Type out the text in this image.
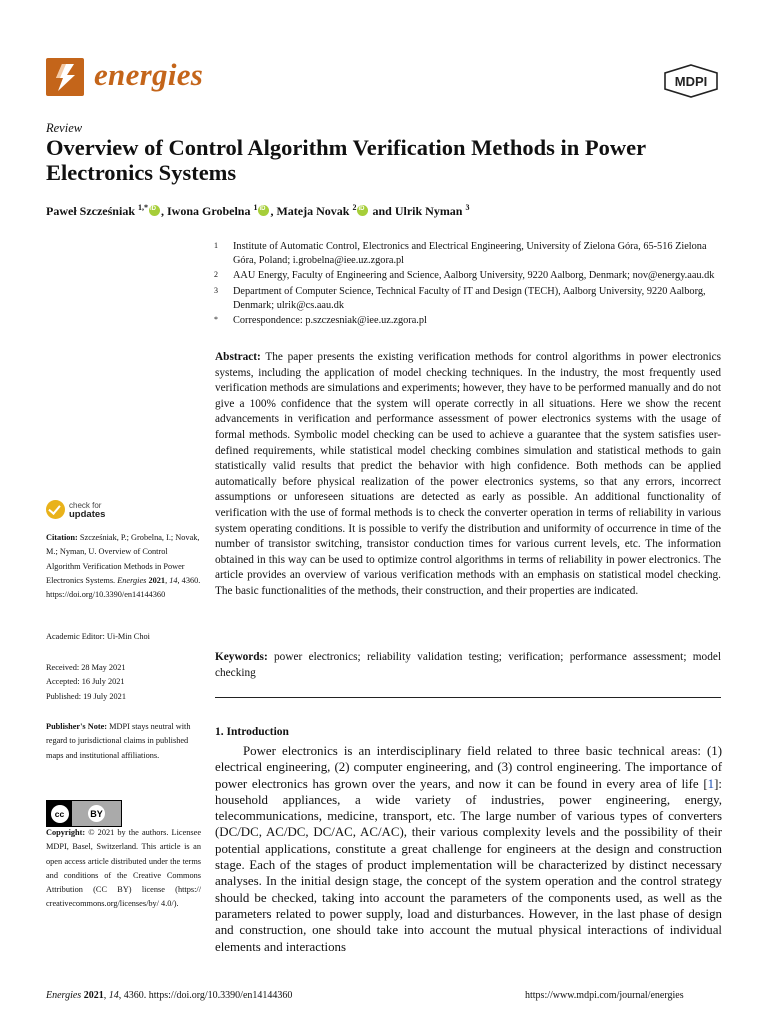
energies	MDPI
Review
Overview of Control Algorithm Verification Methods in Power Electronics Systems
Paweł Szcześniak $^{1,*}$ iD , Iwona Grobelna $^1$ iD , Mateja Novak $^2$iD and Ulrik Nyman $^3$
1	Institute of Automatic Control, Electronics and Electrical Engineering, University of Zielona Góra, 65-516 Zielona Góra, Poland; i.grobelna@iee.uz.zgora.pl
2	AAU Energy, Faculty of Engineering and Science, Aalborg University, 9220 Aalborg, Denmark; nov@energy.aau.dk
3	Department of Computer Science, Technical Faculty of IT and Design (TECH), Aalborg University, 9220 Aalborg, Denmark; ulrik@cs.aau.dk
*	Correspondence: p.szczesniak@iee.uz.zgora.pl
Abstract: The paper presents the existing verification methods for control algorithms in power electronics systems, including the application of model checking techniques. In the industry, the most frequently used verification methods are simulations and experiments; however, they have to be performed manually and do not give a 100% confidence that the system will operate correctly in all situations. Here we show the recent advancements in verification and performance assessment of power electronics systems with the usage of formal methods. Symbolic model checking can be used to achieve a guarantee that the system satisfies user-defined requirements, while statistical model checking combines simulation and statistical methods to gain statistically valid results that predict the behavior with high confidence. Both methods can be applied automatically before physical realization of the power electronics systems, so that any errors, incorrect assumptions or unforeseen situations are detected as early as possible. An additional functionality of verification with the use of formal methods is to check the converter operation in terms of reliability in various system operating conditions. It is possible to verify the distribution and uniformity of occurrence in time of the number of transistor switching, transistor conduction times for various current levels, etc. The information obtained in this way can be used to optimize control algorithms in terms of reliability in power electronics. The article provides an overview of various verification methods with an emphasis on statistical model checking. The basic functionalities of the methods, their construction, and their properties are indicated.
Keywords: power electronics; reliability validation testing; verification; performance assessment; model checking
1. Introduction

Power electronics is an interdisciplinary field related to three basic technical areas: (1) electrical engineering, (2) computer engineering, and (3) control engineering. The importance of power electronics has grown over the years, and now it can be found in every area of life [1]: household appliances, a wide variety of industries, power engineering, energy, telecommunications, medicine, transport, etc. The large number of various types of converters (DC/DC, AC/DC, DC/AC, AC/AC), their various complexity levels and the possibility of their potential applications, constitute a great challenge for engineers at the design and construction stage. Each of the stages of product implementation will be characterized by distinct necessary analyses. In the initial design stage, the concept of the system operation and the control strategy should be checked, taking into account the parameters of the components used, as well as the parameters related to power supply, load and disturbances. However, in the last phase of design and construction, one should take into account the mutual physical interactions of individual elements and interactions

check for
updates
Citation: Szcześniak, P.; Grobelna, I.; Novak, M.; Nyman, U. Overview of Control Algorithm Verification Methods in Power Electronics Systems. Energies 2021, 14, 4360. https://doi.org/10.3390/en14144360
Academic Editor: Ui-Min Choi
Received: 28 May 2021
Accepted: 16 July 2021
Published: 19 July 2021
Publisher's Note: MDPI stays neutral with regard to jurisdictional claims in published maps and institutional affiliations.
cc	BY
Copyright: © 2021 by the authors. Licensee MDPI, Basel, Switzerland. This article is an open access article distributed under the terms and conditions of the Creative Commons Attribution (CC BY) license (https:// creativecommons.org/licenses/by/ 4.0/).
Energies 2021, 14, 4360. https://doi.org/10.3390/en14144360	https://www.mdpi.com/journal/energies
